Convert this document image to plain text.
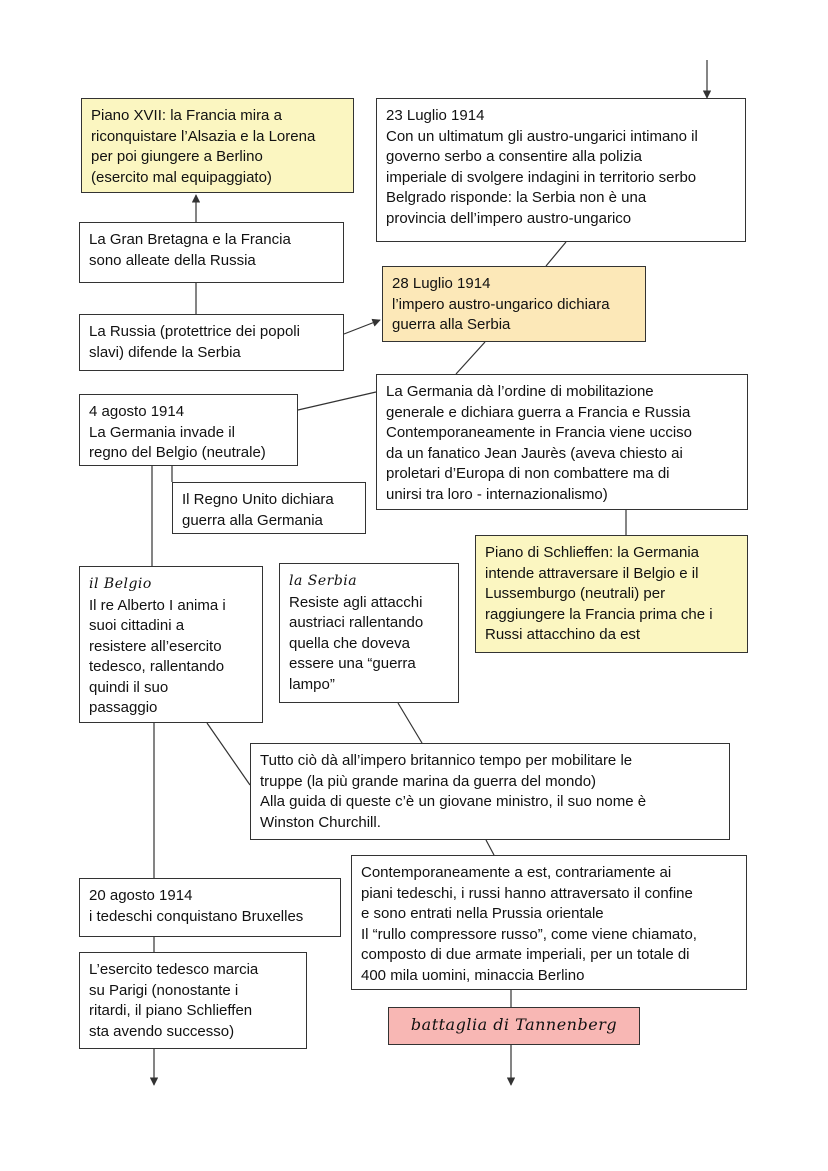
Piano XVII: la Francia mira a
riconquistare l’Alsazia e la Lorena
per poi giungere a Berlino
(esercito mal equipaggiato)
23 Luglio 1914
Con un ultimatum gli austro-ungarici intimano il
governo serbo a consentire alla polizia
imperiale di svolgere indagini in territorio serbo
Belgrado risponde: la Serbia non è una
provincia dell’impero austro-ungarico
La Gran Bretagna e la Francia
sono alleate della Russia
28 Luglio 1914
l’impero austro-ungarico dichiara
guerra alla Serbia
La Russia (protettrice dei popoli
slavi) difende la Serbia
La Germania dà l’ordine di mobilitazione
generale e dichiara guerra a Francia e Russia
Contemporaneamente in Francia viene ucciso
da un fanatico Jean Jaurès (aveva chiesto ai
proletari d’Europa di non combattere ma di
unirsi tra loro - internazionalismo)
4 agosto 1914
La Germania invade il
regno del Belgio (neutrale)
Il Regno Unito dichiara
guerra alla Germania
Piano di Schlieffen: la Germania
intende attraversare il Belgio e il
Lussemburgo (neutrali) per
raggiungere la Francia prima che i
Russi attacchino da est
il Belgio
Il re Alberto I anima i
suoi cittadini a
resistere all’esercito
tedesco, rallentando
quindi il suo
passaggio
la Serbia
Resiste agli attacchi
austriaci rallentando
quella che doveva
essere una “guerra
lampo”
Tutto ciò dà all’impero britannico tempo per mobilitare le
truppe (la più grande marina da guerra del mondo)
Alla guida di queste c’è un giovane ministro, il suo nome è
Winston Churchill.
Contemporaneamente a est, contrariamente ai
piani tedeschi, i russi hanno attraversato il confine
e sono entrati nella Prussia orientale
Il “rullo compressore russo”, come viene chiamato,
composto di due armate imperiali, per un totale di
400 mila uomini, minaccia Berlino
20 agosto 1914
i tedeschi conquistano Bruxelles
L’esercito tedesco marcia
su Parigi (nonostante i
ritardi, il piano Schlieffen
sta avendo successo)	battaglia di Tannenberg
